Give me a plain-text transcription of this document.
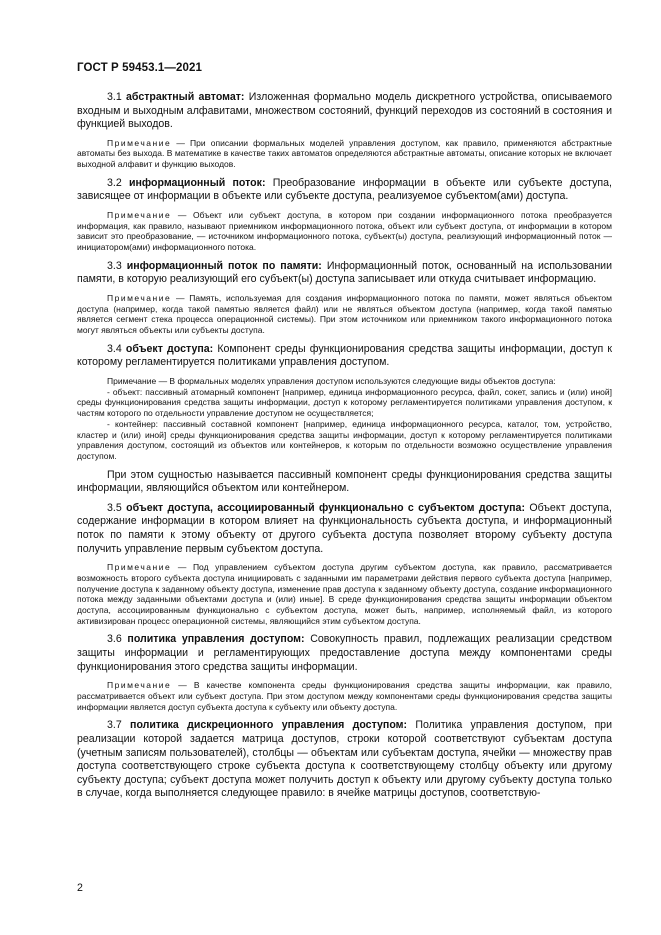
ГОСТ Р 59453.1—2021

3.1 абстрактный автомат: Изложенная формально модель дискретного устройства, описываемого входным и выходным алфавитами, множеством состояний, функций переходов из состояний в состояния и функцией выходов.

Примечание — При описании формальных моделей управления доступом, как правило, применяются абстрактные автоматы без выхода. В математике в качестве таких автоматов определяются абстрактные автоматы, описание которых не включает выходной алфавит и функцию выходов.

3.2 информационный поток: Преобразование информации в объекте или субъекте доступа, зависящее от информации в объекте или субъекте доступа, реализуемое субъектом(ами) доступа.

Примечание — Объект или субъект доступа, в котором при создании информационного потока преобразуется информация, как правило, называют приемником информационного потока, объект или субъект доступа, от информации в котором зависит это преобразование, — источником информационного потока, субъект(ы) доступа, реализующий информационный поток — инициатором(ами) информационного потока.

3.3 информационный поток по памяти: Информационный поток, основанный на использовании памяти, в которую реализующий его субъект(ы) доступа записывает или откуда считывает информацию.

Примечание — Память, используемая для создания информационного потока по памяти, может являться объектом доступа (например, когда такой памятью является файл) или не являться объектом доступа (например, когда такой памятью является сегмент стека процесса операционной системы). При этом источником или приемником такого информационного потока могут являться объекты или субъекты доступа.

3.4 объект доступа: Компонент среды функционирования средства защиты информации, доступ к которому регламентируется политиками управления доступом.

Примечание — В формальных моделях управления доступом используются следующие виды объектов доступа:

- объект: пассивный атомарный компонент [например, единица информационного ресурса, файл, сокет, запись и (или) иной] среды функционирования средства защиты информации, доступ к которому регламентируется политиками управления доступом, к частям которого по отдельности управление доступом не осуществляется;

- контейнер: пассивный составной компонент [например, единица информационного ресурса, каталог, том, устройство, кластер и (или) иной] среды функционирования средства защиты информации, доступ к которому регламентируется политиками управления доступом, состоящий из объектов или контейнеров, к которым по отдельности возможно осуществление управления доступом.

При этом сущностью называется пассивный компонент среды функционирования средства защиты информации, являющийся объектом или контейнером.

3.5 объект доступа, ассоциированный функционально с субъектом доступа: Объект доступа, содержание информации в котором влияет на функциональность субъекта доступа, и информационный поток по памяти к этому объекту от другого субъекта доступа позволяет второму субъекту доступа получить управление первым субъектом доступа.

Примечание — Под управлением субъектом доступа другим субъектом доступа, как правило, рассматривается возможность второго субъекта доступа инициировать с заданными им параметрами действия первого субъекта доступа [например, получение доступа к заданному объекту доступа, изменение прав доступа к заданному объекту доступа, создание информационного потока между заданными объектами доступа и (или) иные]. В среде функционирования средства защиты информации объектом доступа, ассоциированным функционально с субъектом доступа, может быть, например, исполняемый файл, из которого активизирован процесс операционной системы, являющийся этим субъектом доступа.

3.6 политика управления доступом: Совокупность правил, подлежащих реализации средством защиты информации и регламентирующих предоставление доступа между компонентами среды функционирования этого средства защиты информации.

Примечание — В качестве компонента среды функционирования средства защиты информации, как правило, рассматривается объект или субъект доступа. При этом доступом между компонентами среды функционирования средства защиты информации является доступ субъекта доступа к субъекту или объекту доступа.

3.7 политика дискреционного управления доступом: Политика управления доступом, при реализации которой задается матрица доступов, строки которой соответствуют субъектам доступа (учетным записям пользователей), столбцы — объектам или субъектам доступа, ячейки — множеству прав доступа соответствующего строке субъекта доступа к соответствующему столбцу объекту или другому субъекту доступа; субъект доступа может получить доступ к объекту или другому субъекту доступа только в случае, когда выполняется следующее правило: в ячейке матрицы доступов, соответствую-

2
